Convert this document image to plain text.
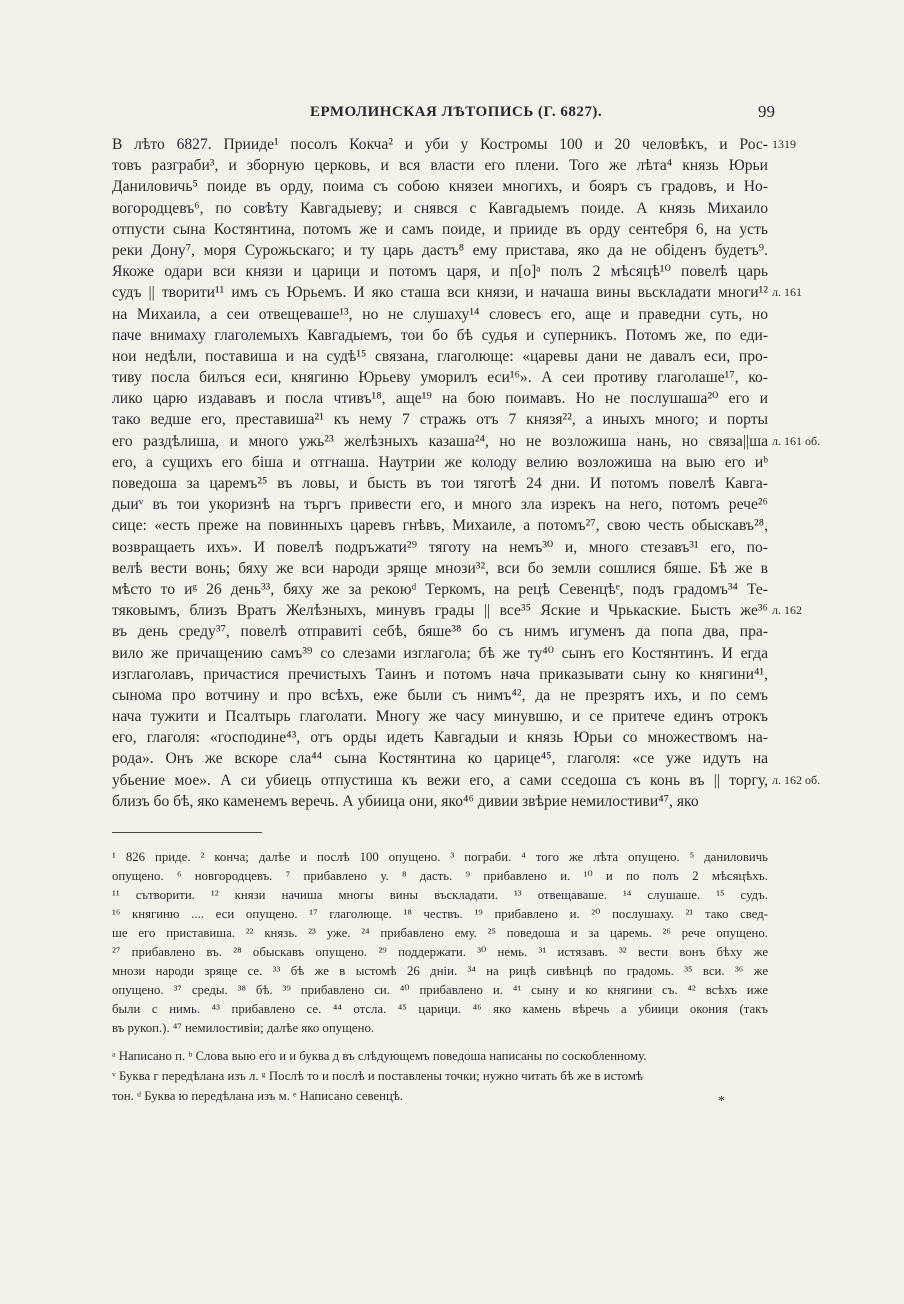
ЕРМОЛИНСКАЯ ЛѢТОПИСЬ (Г. 6827).	99
В лѣто 6827. Прииде¹ посолъ Кокча² и уби у Костромы 100 и 20 человѣкъ, и Рос-
товъ разграби³, и зборную церковь, и вся власти его плени. Того же лѣта⁴ князь Юрьи
Даниловичь⁵ поиде въ орду, поима съ собою князеи многихъ, и бояръ съ градовъ, и Но-
вогородцевъ⁶, по совѣту Кавгадыеву; и снявся с Кавгадыемъ поиде. А князь Михаило
отпусти сына Костянтина, потомъ же и самъ поиде, и прииде въ орду сентебря 6, на усть
реки Дону⁷, моря Сурожьскаго; и ту царь дастъ⁸ ему пристава, яко да не обіденъ будетъ⁹.
Якоже одари вси князи и царици и потомъ царя, и п[о]ᵃ полъ 2 мѣсяцѣ¹⁰ повелѣ царь
судъ || творити¹¹ имъ съ Юрьемъ. И яко сташа вси князи, и начаша вины вьскладати многи¹²
на Михаила, а сеи отвещеваше¹³, но не слушаху¹⁴ словесъ его, аще и праведни суть, но
паче внимаху глаголемыхъ Кавгадыемъ, тои бо бѣ судья и суперникъ. Потомъ же, по еди-
нои недѣли, поставиша и на судѣ¹⁵ связана, глаголюще: «царевы дани не давалъ еси, про-
тиву посла билъся еси, княгиню Юрьеву уморилъ еси¹⁶». А сеи противу глаголаше¹⁷, ко-
лико царю издававъ и посла чтивъ¹⁸, аще¹⁹ на бою поимавъ. Но не послушаша²⁰ его и
тако ведше его, преставиша²¹ къ нему 7 стражь отъ 7 князя²², а иныхъ много; и порты
его раздѣлиша, и много ужь²³ желѣзныхъ казаша²⁴, но не возложиша нань, но связа||ша
его, а сущихъ его біша и отгнаша. Наутрии же колоду велию возложиша на выю его иᵇ
поведоша за царемъ²⁵ въ ловы, и бысть въ тои тяготѣ 24 дни. И потомъ повелѣ Кавга-
дыиᵛ въ тои укоризнѣ на търгъ привести его, и много зла изрекъ на него, потомъ рече²⁶
сице: «есть преже на повинныхъ царевъ гнѣвъ, Михаиле, а потомъ²⁷, свою честь обыскавъ²⁸,
возвращаеть ихъ». И повелѣ подръжати²⁹ тяготу на немъ³⁰ и, много стезавъ³¹ его, по-
велѣ вести вонь; бяху же вси народи зряще мнози³², вси бо земли сошлися бяше. Бѣ же в
мѣсто то иᵍ 26 день³³, бяху же за рекоюᵈ Теркомъ, на рецѣ Севенцѣᵉ, подъ градомъ³⁴ Те-
тяковымъ, близъ Вратъ Желѣзныхъ, минувъ грады || все³⁵ Яские и Чрькаские. Бысть же³⁶
въ день среду³⁷, повелѣ отправиті себѣ, бяше³⁸ бо съ нимъ игуменъ да попа два, пра-
вило же причащению самъ³⁹ со слезами изглагола; бѣ же ту⁴⁰ сынъ его Костянтинъ. И егда
изглаголавъ, причастися пречистыхъ Таинъ и потомъ нача приказывати сыну ко княгини⁴¹,
сынома про вотчину и про всѣхъ, еже были съ нимъ⁴², да не презрятъ ихъ, и по семъ
нача тужити и Псалтырь глаголати. Многу же часу минувшю, и се притече единъ отрокъ
его, глаголя: «господине⁴³, отъ орды идеть Кавгадыи и князь Юрьи со множествомъ на-
рода». Онъ же вскоре сла⁴⁴ сына Костянтина ко царице⁴⁵, глаголя: «се уже идуть на
убьение мое». А си убиець отпустиша къ вежи его, а сами сседоша съ конь въ || торгу,
близъ бо бѣ, яко каменемъ веречь. А убиица они, яко⁴⁶ дивии звѣрие немилостиви⁴⁷, яко
1319
л. 161
л. 161 об.
л. 162
л. 162 об.
¹ 826 приде. ² кончa; далѣе и послѣ 100 опущено. ³ пограби. ⁴ того же лѣта опущено. ⁵ даниловичь
опущено. ⁶ новгородцевъ. ⁷ прибавлено у. ⁸ дасть. ⁹ прибавлено и. ¹⁰ и по полъ 2 мѣсяцѣхъ.
¹¹ сътворити. ¹² князи начиша многы вины въскладати. ¹³ отвещаваше. ¹⁴ слушаше. ¹⁵ судъ.
¹⁶ княгиню .... еси опущено. ¹⁷ глаголюще. ¹⁸ чествъ. ¹⁹ прибавлено и. ²⁰ послушаху. ²¹ тако свед-
ше его приставиша. ²² князь. ²³ уже. ²⁴ прибавлено ему. ²⁵ поведоша и за царемь. ²⁶ рече опущено.
²⁷ прибавлено въ. ²⁸ обыскавъ опущено. ²⁹ поддержати. ³⁰ немь. ³¹ истязавъ. ³² вести вонъ бѣху же
мнози народи зряще се. ³³ бѣ же в ыстомѣ 26 днiи. ³⁴ на рицѣ сивѣнцѣ по градомь. ³⁵ вси. ³⁶ же
опущено. ³⁷ среды. ³⁸ бѣ. ³⁹ прибавлено си. ⁴⁰ прибавлено и. ⁴¹ сыну и ко княгини съ. ⁴² всѣхъ иже
были с нимь. ⁴³ прибавлено се. ⁴⁴ отсла. ⁴⁵ царици. ⁴⁶ яко камень вѣречь а убиици окония (такъ
въ рукоп.). ⁴⁷ немилостивiи; далѣе яко опущено.
ᵃ Написано п. ᵇ Слова выю его и и буква д въ слѣдующемъ поведоша написаны по соскобленному.
ᵛ Буква г передѣлана изъ л. ᵍ Послѣ то и послѣ и поставлены точки; нужно читать бѣ же в истомѣ
тон. ᵈ Буква ю передѣлана изъ м. ᵉ Написано севенцѣ.	*
